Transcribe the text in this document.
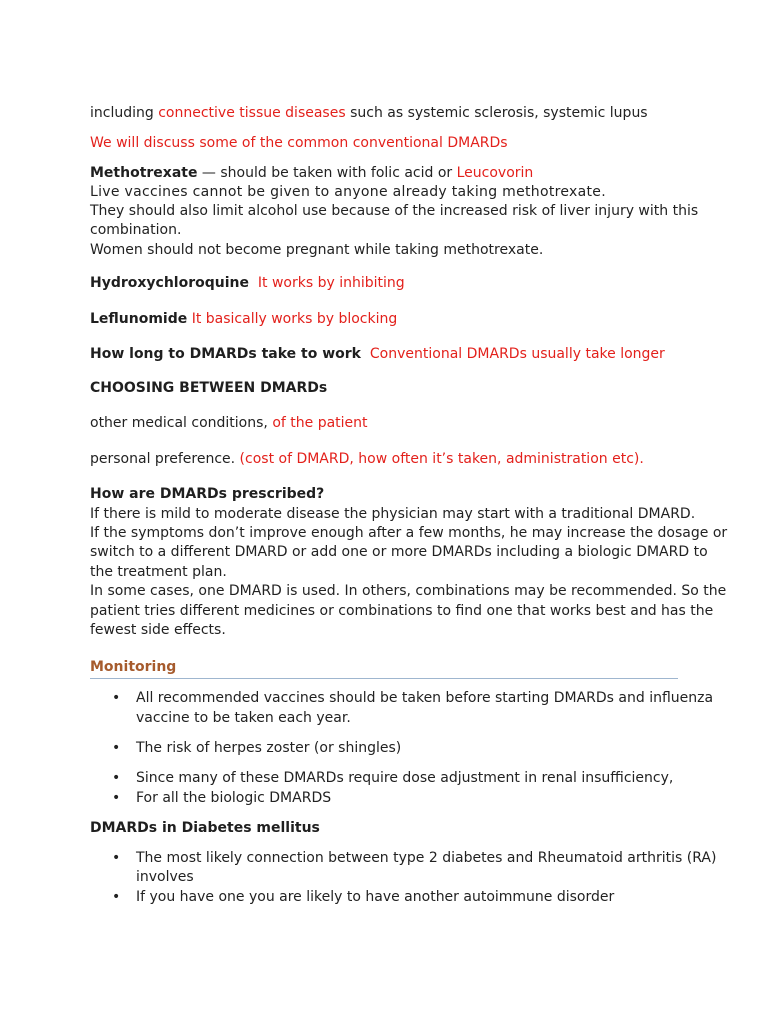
including connective tissue diseases such as systemic sclerosis, systemic lupus
We will discuss some of the common conventional DMARDs
Methotrexate — should be taken with folic acid or Leucovorin
Live vaccines cannot be given to anyone already taking methotrexate.
They should also limit alcohol use because of the increased risk of liver injury with this
combination.
Women should not become pregnant while taking methotrexate.
Hydroxychloroquine It works by inhibiting
Leflunomide It basically works by blocking
How long to DMARDs take to work Conventional DMARDs usually take longer
CHOOSING BETWEEN DMARDs
other medical conditions, of the patient
personal preference. (cost of DMARD, how often it’s taken, administration etc).
How are DMARDs prescribed?
If there is mild to moderate disease the physician may start with a traditional DMARD.
If the symptoms don’t improve enough after a few months, he may increase the dosage or
switch to a different DMARD or add one or more DMARDs including a biologic DMARD to
the treatment plan.
In some cases, one DMARD is used. In others, combinations may be recommended. So the
patient tries different medicines or combinations to find one that works best and has the
fewest side effects.
Monitoring
• All recommended vaccines should be taken before starting DMARDs and influenza
vaccine to be taken each year.
• The risk of herpes zoster (or shingles)
• Since many of these DMARDs require dose adjustment in renal insufficiency,
• For all the biologic DMARDS
DMARDs in Diabetes mellitus
• The most likely connection between type 2 diabetes and Rheumatoid arthritis (RA)
involves
• If you have one you are likely to have another autoimmune disorder
